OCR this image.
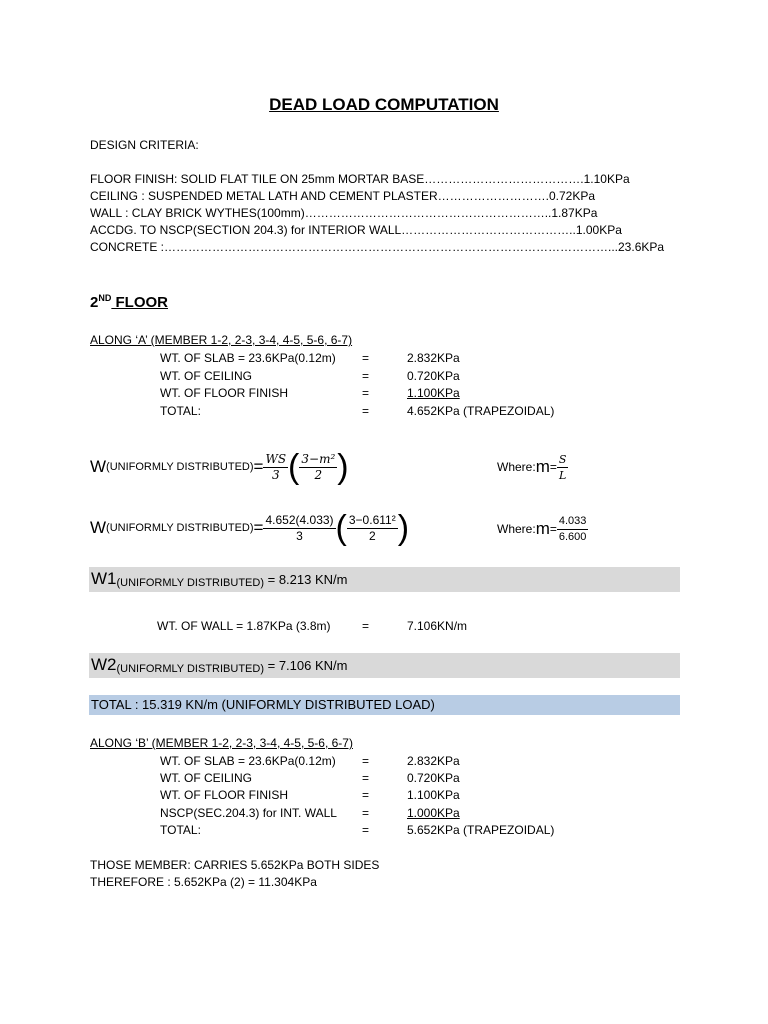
DEAD LOAD COMPUTATION
DESIGN CRITERIA:
FLOOR FINISH: SOLID FLAT TILE ON 25mm MORTAR BASE………………………………….1.10KPa
CEILING : SUSPENDED METAL LATH AND CEMENT PLASTER……………………….0.72KPa
WALL : CLAY BRICK WYTHES(100mm)……………………………………………………..1.87KPa
ACCDG. TO NSCP(SECTION 204.3) for INTERIOR WALL……………………………………..1.00KPa
CONCRETE :…………………………………………………………………………………………………...23.6KPa
2ND FLOOR
ALONG ‘A’ (MEMBER 1-2, 2-3, 3-4, 4-5, 5-6, 6-7)
WT. OF SLAB = 23.6KPa(0.12m) =	2.832KPa
WT. OF CEILING	=	0.720KPa
WT. OF FLOOR FINISH	=	1.100KPa
TOTAL:	=	4.652KPa (TRAPEZOIDAL)
W (UNIFORMLY DISTRIBUTED) = $\frac{WS}{3}$ ( $\frac{\text{3−m²}}{2}$ )	Where: $m = \frac{S}{L}$
W (UNIFORMLY DISTRIBUTED) = $\frac{4.652(4.033)}{3}$ ( $\frac{\text{3−0.611²}}{2}$ )	Where: $m = \frac{4.033}{6.600}$
W1(UNIFORMLY DISTRIBUTED) = 8.213 KN/m
WT. OF WALL = 1.87KPa (3.8m)	=	7.106KN/m
W2(UNIFORMLY DISTRIBUTED) = 7.106 KN/m
TOTAL : 15.319 KN/m (UNIFORMLY DISTRIBUTED LOAD)
ALONG ‘B’ (MEMBER 1-2, 2-3, 3-4, 4-5, 5-6, 6-7)
WT. OF SLAB = 23.6KPa(0.12m) =	2.832KPa
WT. OF CEILING	=	0.720KPa
WT. OF FLOOR FINISH	=	1.100KPa
NSCP(SEC.204.3) for INT. WALL =	1.000KPa
TOTAL:	=	5.652KPa (TRAPEZOIDAL)
THOSE MEMBER: CARRIES 5.652KPa BOTH SIDES
THEREFORE : 5.652KPa (2) = 11.304KPa
